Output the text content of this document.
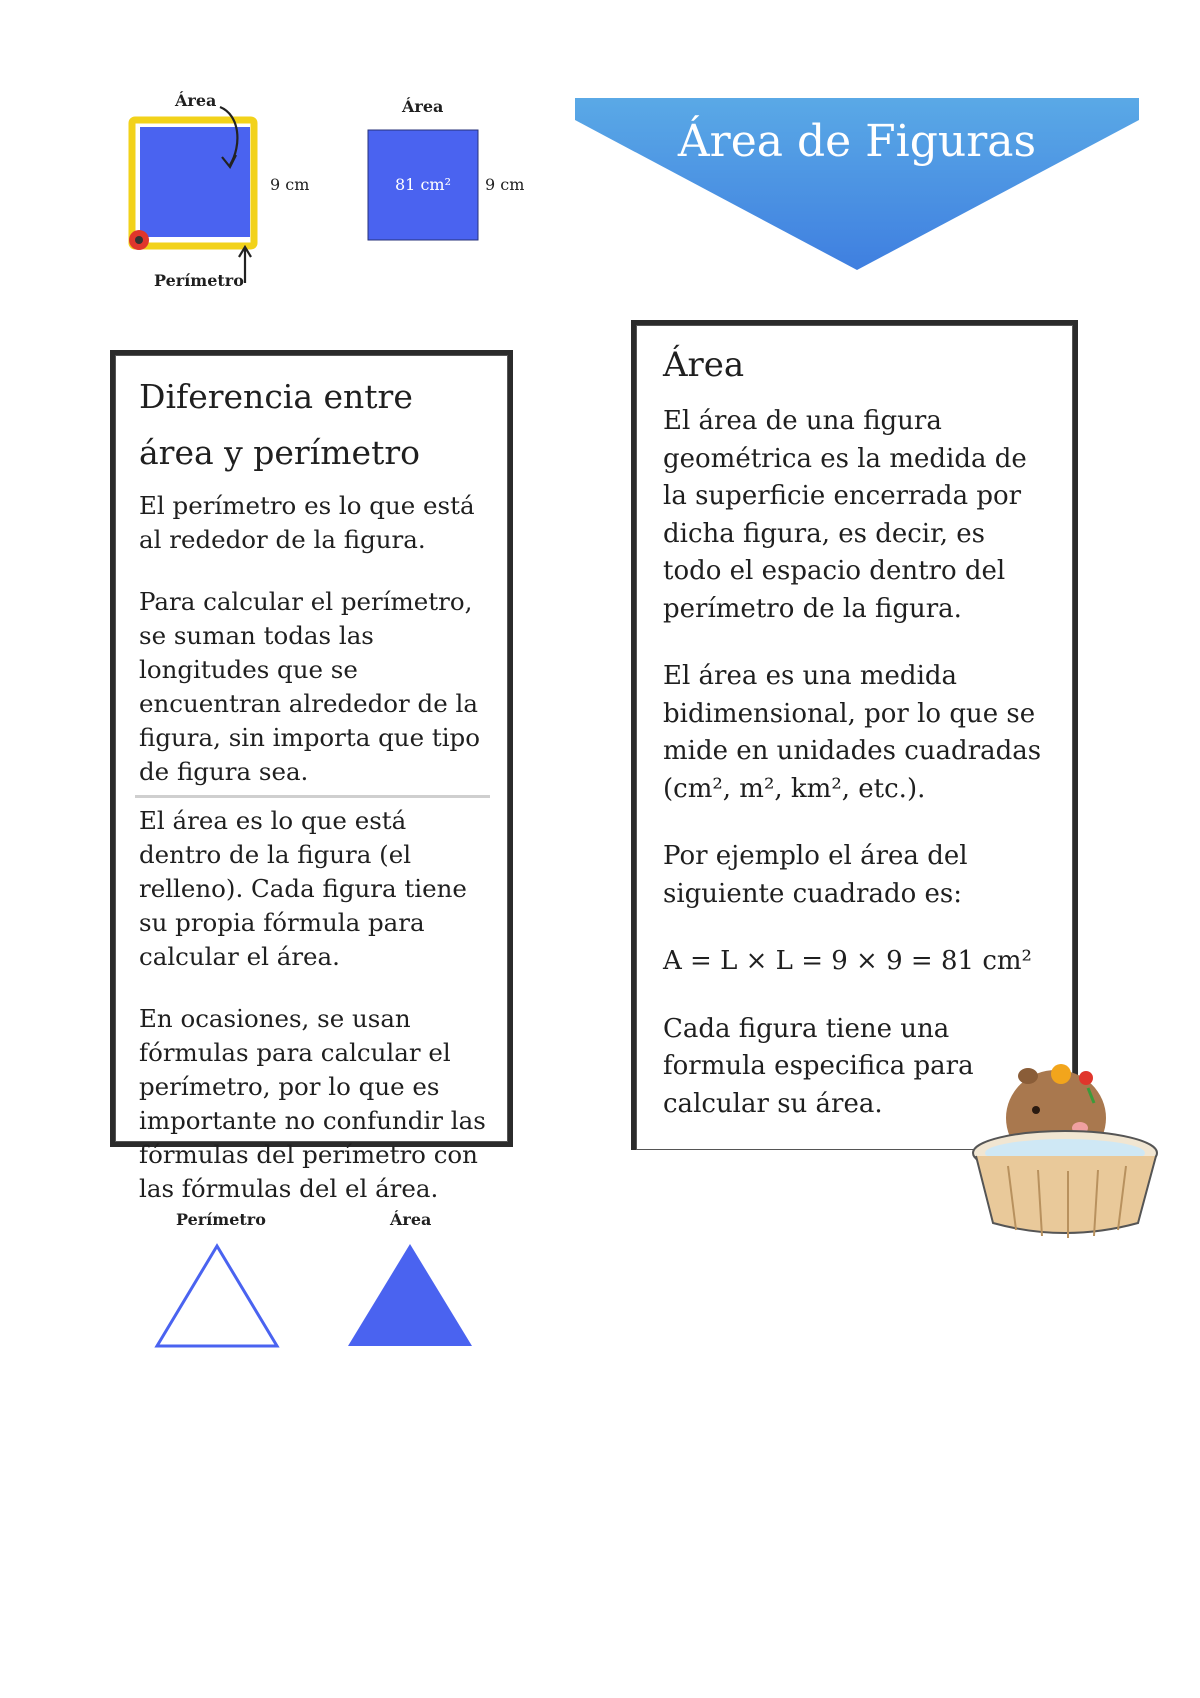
Área
9 cm
Perímetro
Área
81 cm²	9 cm
Área de Figuras
Diferencia entre área y perímetro

El perímetro es lo que está al rededor de la figura.

Para calcular el perímetro, se suman todas las longitudes que se encuentran alrededor de la figura, sin importa que tipo de figura sea.

El área es lo que está dentro de la figura (el relleno). Cada figura tiene su propia fórmula para calcular el área.

En ocasiones, se usan fórmulas para calcular el perímetro, por lo que es importante no confundir las fórmulas del perímetro con las fórmulas del el área.

Área

El área de una figura geométrica es la medida de la superficie encerrada por dicha figura, es decir, es todo el espacio dentro del perímetro de la figura.

El área es una medida bidimensional, por lo que se mide en unidades cuadradas (cm², m², km², etc.).

Por ejemplo el área del siguiente cuadrado es:

A = L × L = 9 × 9 = 81 cm²

Cada figura tiene una formula especifica para calcular su área.

Perímetro	Área
